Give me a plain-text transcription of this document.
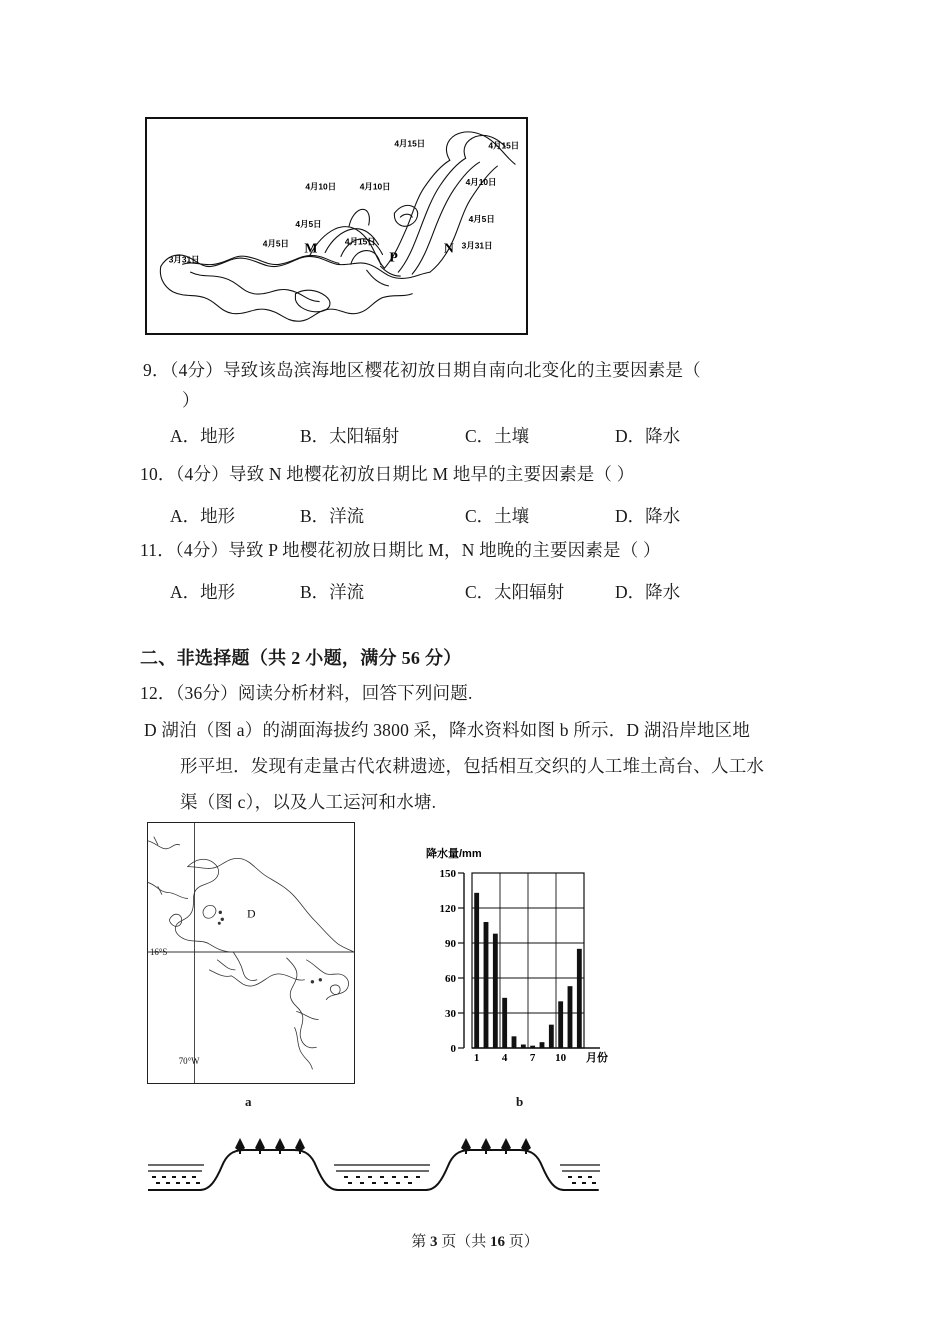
4月15日	4月15日
4月10日	4月10日	4月10日
4月5日	4月5日
4月5日	4月15日	3月31日
3月31日
M
P
N
9．（4分）导致该岛滨海地区樱花初放日期自南向北变化的主要因素是（
）
A．地形	B．太阳辐射	C．土壤	D．降水
10．（4分）导致 N 地樱花初放日期比 M 地早的主要因素是（ ）
A．地形	B．洋流	C．土壤	D．降水
11．（4分）导致 P 地樱花初放日期比 M，N 地晚的主要因素是（ ）
A．地形	B．洋流	C．太阳辐射	D．降水
二、非选择题（共 2 小题，满分 56 分）
12．（36分）阅读分析材料，回答下列问题.
D 湖泊（图 a）的湖面海拔约 3800 采，降水资料如图 b 所示．D 湖沿岸地区地
形平坦．发现有走量古代农耕遗迹，包括相互交织的人工堆土高台、人工水
渠（图 c），以及人工运河和水塘.
16°S
70°W
D
a
降水量/mm
0
30
60
90
120
150
1 4 7 10 月份
b
第 3 页（共 16 页）
